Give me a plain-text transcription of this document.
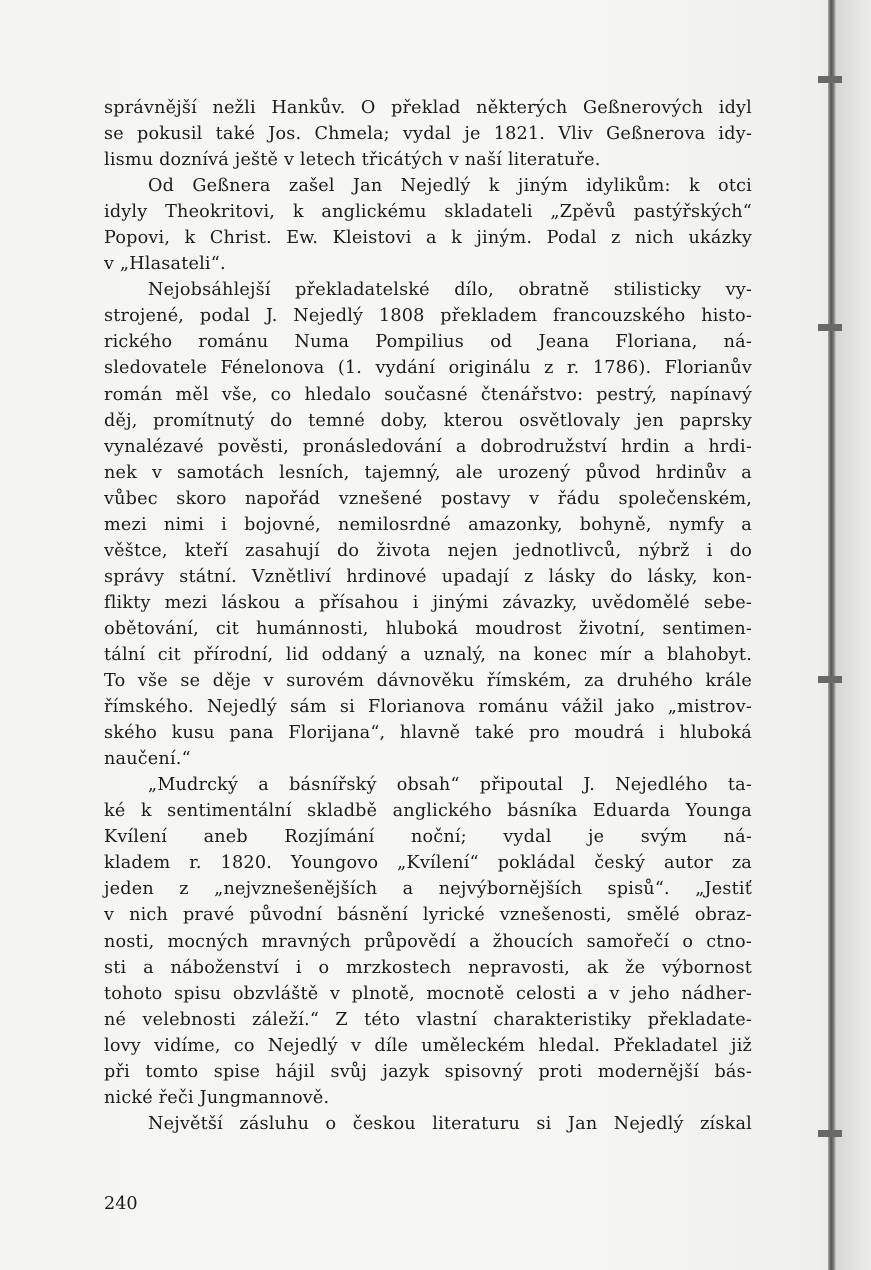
správnější nežli Hankův. O překlad některých Geßnerových idyl
se pokusil také Jos. Chmela; vydal je 1821. Vliv Geßnerova idy-
lismu doznívá ještě v letech třicátých v naší literatuře.
Od Geßnera zašel Jan Nejedlý k jiným idylikům: k otci
idyly Theokritovi, k anglickému skladateli „Zpěvů pastýřských“
Popovi, k Christ. Ew. Kleistovi a k jiným. Podal z nich ukázky
v „Hlasateli“.
Nejobsáhlejší překladatelské dílo, obratně stilisticky vy-
strojené, podal J. Nejedlý 1808 překladem francouzského histo-
rického románu Numa Pompilius od Jeana Floriana, ná-
sledovatele Fénelonova (1. vydání originálu z r. 1786). Florianův
román měl vše, co hledalo současné čtenářstvo: pestrý, napínavý
děj, promítnutý do temné doby, kterou osvětlovaly jen paprsky
vynalézavé pověsti, pronásledování a dobrodružství hrdin a hrdi-
nek v samotách lesních, tajemný, ale urozený původ hrdinův a
vůbec skoro napořád vznešené postavy v řádu společenském,
mezi nimi i bojovné, nemilosrdné amazonky, bohyně, nymfy a
věštce, kteří zasahují do života nejen jednotlivců, nýbrž i do
správy státní. Vznětliví hrdinové upadají z lásky do lásky, kon-
flikty mezi láskou a přísahou i jinými závazky, uvědomělé sebe-
obětování, cit humánnosti, hluboká moudrost životní, sentimen-
tální cit přírodní, lid oddaný a uznalý, na konec mír a blahobyt.
To vše se děje v surovém dávnověku římském, za druhého krále
římského. Nejedlý sám si Florianova románu vážil jako „mistrov-
ského kusu pana Florijana“, hlavně také pro moudrá i hluboká
naučení.“
„Mudrcký a básnířský obsah“ připoutal J. Nejedlého ta-
ké k sentimentální skladbě anglického básníka Eduarda Younga
Kvílení aneb Rozjímání noční; vydal je svým ná-
kladem r. 1820. Youngovo „Kvílení“ pokládal český autor za
jeden z „nejvznešenějších a nejvýbornějších spisů“. „Jestiť
v nich pravé původní básnění lyrické vznešenosti, smělé obraz-
nosti, mocných mravných průpovědí a žhoucích samořečí o ctno-
sti a náboženství i o mrzkostech nepravosti, ak že výbornost
tohoto spisu obzvláště v plnotě, mocnotě celosti a v jeho nádher-
né velebnosti záleží.“ Z této vlastní charakteristiky překladate-
lovy vidíme, co Nejedlý v díle uměleckém hledal. Překladatel již
při tomto spise hájil svůj jazyk spisovný proti modernější bás-
nické řeči Jungmannově.
Největší zásluhu o českou literaturu si Jan Nejedlý získal
240
